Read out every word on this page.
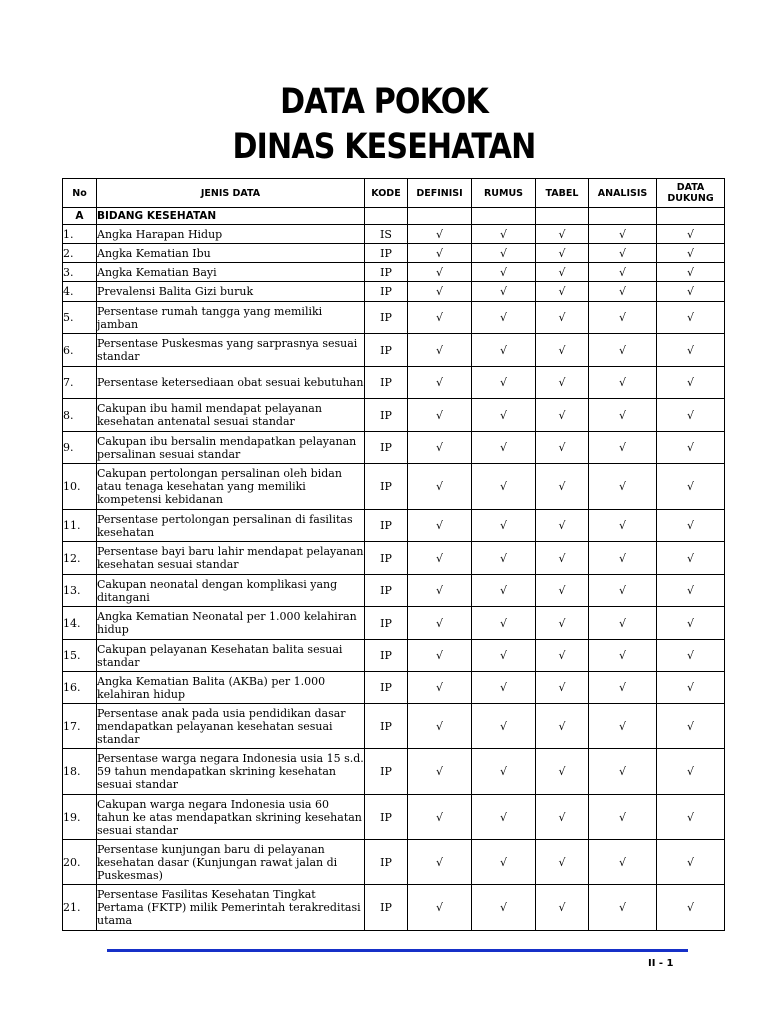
DATA POKOK
DINAS KESEHATAN
No	JENIS DATA	KODE	DEFINISI	RUMUS	TABEL	ANALISIS	DATA DUKUNG
A	BIDANG KESEHATAN						
1.	Angka Harapan Hidup	IS	√	√	√	√	√
2.	Angka Kematian Ibu	IP	√	√	√	√	√
3.	Angka Kematian Bayi	IP	√	√	√	√	√
4.	Prevalensi Balita Gizi buruk	IP	√	√	√	√	√
5.	Persentase rumah tangga yang memiliki jamban	IP	√	√	√	√	√
6.	Persentase Puskesmas yang sarprasnya sesuai standar	IP	√	√	√	√	√
7.	Persentase ketersediaan obat sesuai kebutuhan	IP	√	√	√	√	√
8.	Cakupan ibu hamil mendapat pelayanan kesehatan antenatal sesuai standar	IP	√	√	√	√	√
9.	Cakupan ibu bersalin mendapatkan pelayanan persalinan sesuai standar	IP	√	√	√	√	√
10.	Cakupan pertolongan persalinan oleh bidan atau tenaga kesehatan yang memiliki kompetensi kebidanan	IP	√	√	√	√	√
11.	Persentase pertolongan persalinan di fasilitas kesehatan	IP	√	√	√	√	√
12.	Persentase bayi baru lahir mendapat pelayanan kesehatan sesuai standar	IP	√	√	√	√	√
13.	Cakupan neonatal dengan komplikasi yang ditangani	IP	√	√	√	√	√
14.	Angka Kematian Neonatal per 1.000 kelahiran hidup	IP	√	√	√	√	√
15.	Cakupan pelayanan Kesehatan balita sesuai standar	IP	√	√	√	√	√
16.	Angka Kematian Balita (AKBa) per 1.000 kelahiran hidup	IP	√	√	√	√	√
17.	Persentase anak pada usia pendidikan dasar mendapatkan pelayanan kesehatan sesuai standar	IP	√	√	√	√	√
18.	Persentase warga negara Indonesia usia 15 s.d. 59 tahun mendapatkan skrining kesehatan sesuai standar	IP	√	√	√	√	√
19.	Cakupan warga negara Indonesia usia 60 tahun ke atas mendapatkan skrining kesehatan sesuai standar	IP	√	√	√	√	√
20.	Persentase kunjungan baru di pelayanan kesehatan dasar (Kunjungan rawat jalan di Puskesmas)	IP	√	√	√	√	√
21.	Persentase Fasilitas Kesehatan Tingkat Pertama (FKTP) milik Pemerintah terakreditasi utama	IP	√	√	√	√	√
II - 1
